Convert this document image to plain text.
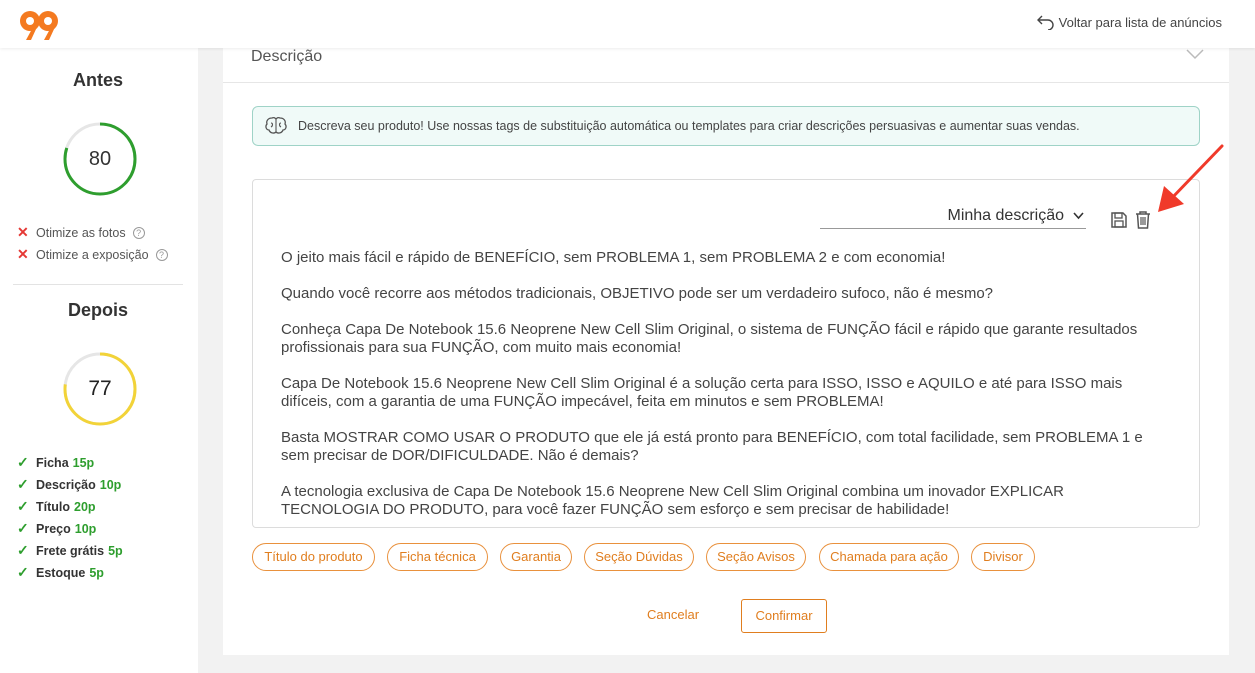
Voltar para lista de anúncios
Antes
80
✕ Otimize as fotos	?
✕ Otimize a exposição	?
Depois
77
✓ Ficha 15p
✓ Descrição 10p
✓ Título 20p
✓ Preço 10p
✓ Frete grátis 5p
✓ Estoque 5p
Descrição
Descreva seu produto! Use nossas tags de substituição automática ou templates para criar descrições persuasivas e aumentar suas vendas.
Minha descrição

O jeito mais fácil e rápido de BENEFÍCIO, sem PROBLEMA 1, sem PROBLEMA 2 e com economia!

Quando você recorre aos métodos tradicionais, OBJETIVO pode ser um verdadeiro sufoco, não é mesmo?

Conheça Capa De Notebook 15.6 Neoprene New Cell Slim Original, o sistema de FUNÇÃO fácil e rápido que garante resultados profissionais para sua FUNÇÃO, com muito mais economia!

Capa De Notebook 15.6 Neoprene New Cell Slim Original é a solução certa para ISSO, ISSO e AQUILO e até para ISSO mais difíceis, com a garantia de uma FUNÇÃO impecável, feita em minutos e sem PROBLEMA!

Basta MOSTRAR COMO USAR O PRODUTO que ele já está pronto para BENEFÍCIO, com total facilidade, sem PROBLEMA 1 e sem precisar de DOR/DIFICULDADE. Não é demais?

A tecnologia exclusiva de Capa De Notebook 15.6 Neoprene New Cell Slim Original combina um inovador EXPLICAR TECNOLOGIA DO PRODUTO, para você fazer FUNÇÃO sem esforço e sem precisar de habilidade!

Título do produto	Ficha técnica	Garantia	Seção Dúvidas	Seção Avisos	Chamada para ação	Divisor
Cancelar	Confirmar
